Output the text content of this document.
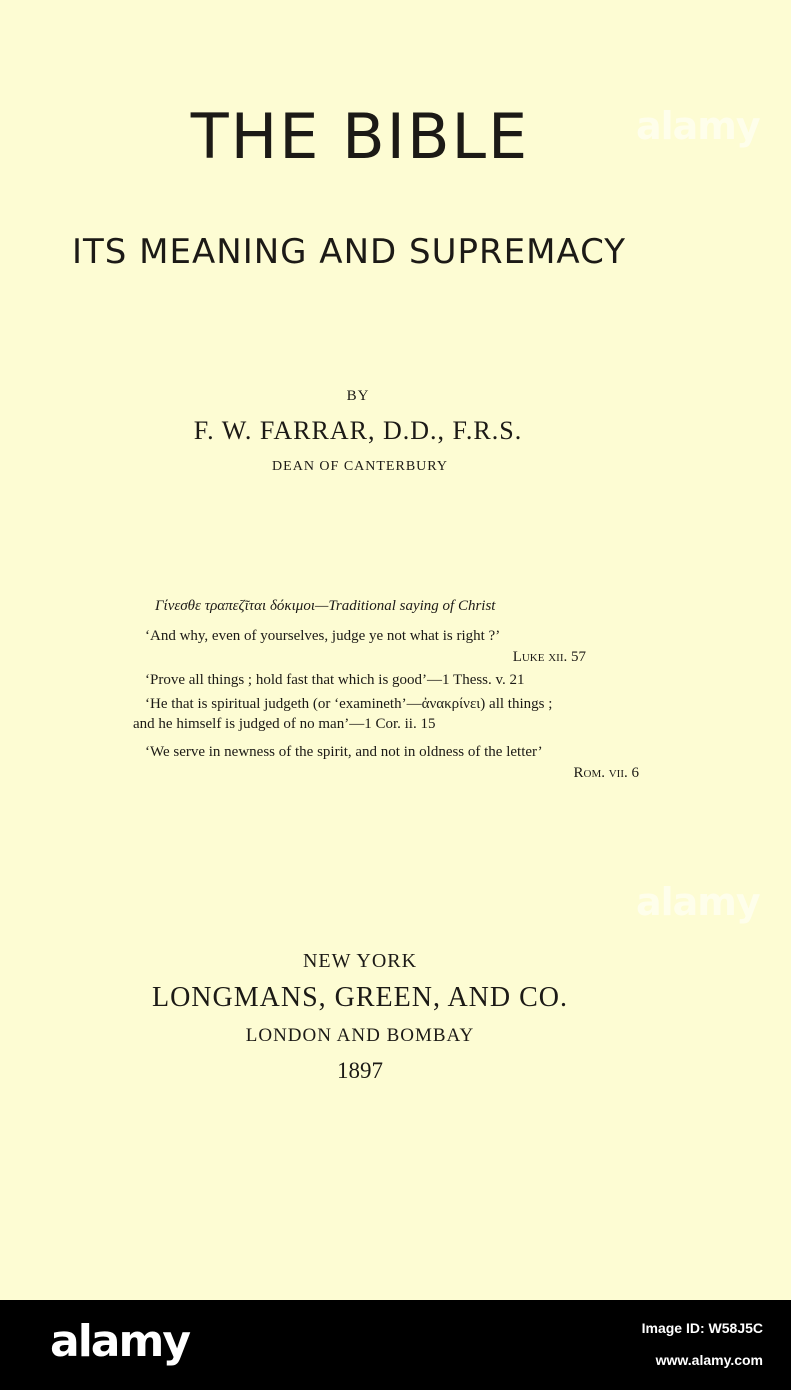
THE BIBLE
ITS MEANING AND SUPREMACY
BY
F. W. FARRAR, D.D., F.R.S.
DEAN OF CANTERBURY
Γίνεσθε τραπεζῖται δόκιμοι—Traditional saying of Christ
‘And why, even of yourselves, judge ye not what is right ?’
Luke xii. 57
‘Prove all things ; hold fast that which is good’—1 Thess. v. 21
‘He that is spiritual judgeth (or ‘examineth’—ἀνακρίνει) all things ;
and he himself is judged of no man’—1 Cor. ii. 15
‘We serve in newness of the spirit, and not in oldness of the letter’
Rom. vii. 6
NEW YORK
LONGMANS, GREEN, AND CO.
LONDON AND BOMBAY
1897
alamy
alamy
alamy	Image ID: W58J5C
www.alamy.com
